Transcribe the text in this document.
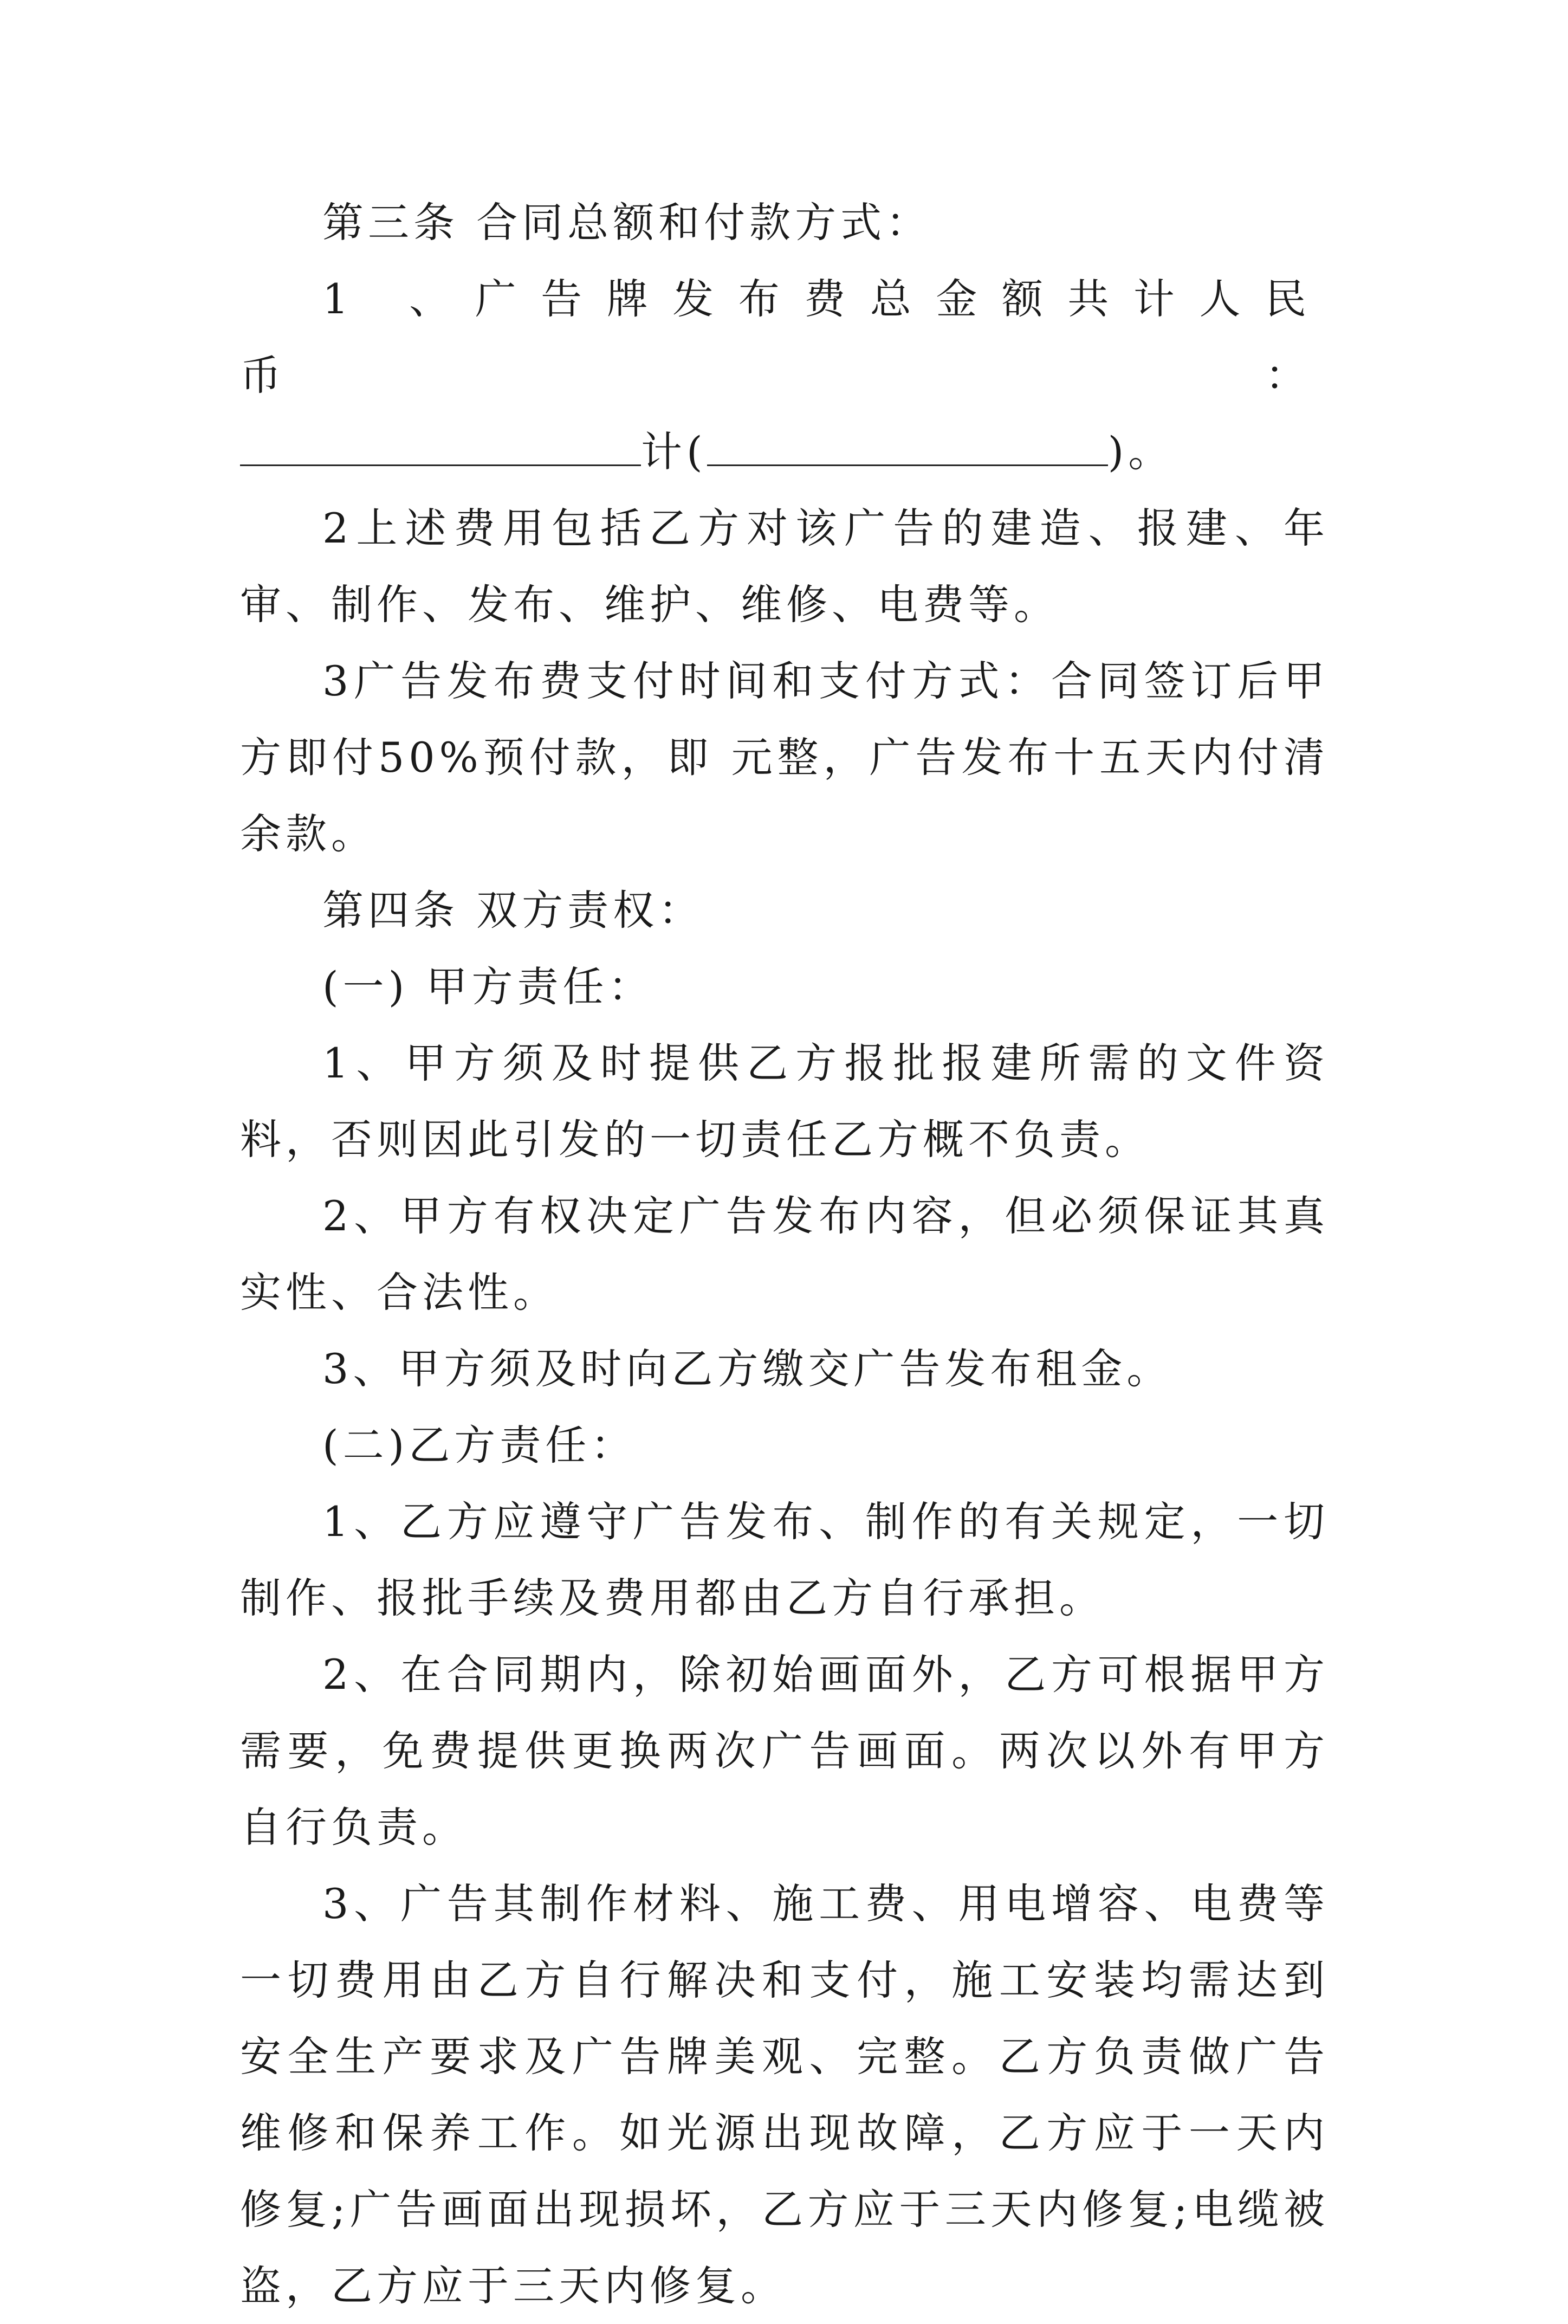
第三条 合同总额和付款方式：

1 、广告牌发布费总金额共计人民币：

计(	)。

2上述费用包括乙方对该广告的建造、报建、年审、制作、发布、维护、维修、电费等。

3广告发布费支付时间和支付方式：合同签订后甲方即付50%预付款，即 元整，广告发布十五天内付清余款。

第四条 双方责权：

(一) 甲方责任：

1、甲方须及时提供乙方报批报建所需的文件资料，否则因此引发的一切责任乙方概不负责。

2、甲方有权决定广告发布内容，但必须保证其真实性、合法性。

3、甲方须及时向乙方缴交广告发布租金。

(二)乙方责任：

1、乙方应遵守广告发布、制作的有关规定，一切制作、报批手续及费用都由乙方自行承担。

2、在合同期内，除初始画面外，乙方可根据甲方需要，免费提供更换两次广告画面。两次以外有甲方自行负责。

3、广告其制作材料、施工费、用电增容、电费等一切费用由乙方自行解决和支付，施工安装均需达到安全生产要求及广告牌美观、完整。乙方负责做广告维修和保养工作。如光源出现故障，乙方应于一天内修复;广告画面出现损坏，乙方应于三天内修复;电缆被盗，乙方应于三天内修复。
